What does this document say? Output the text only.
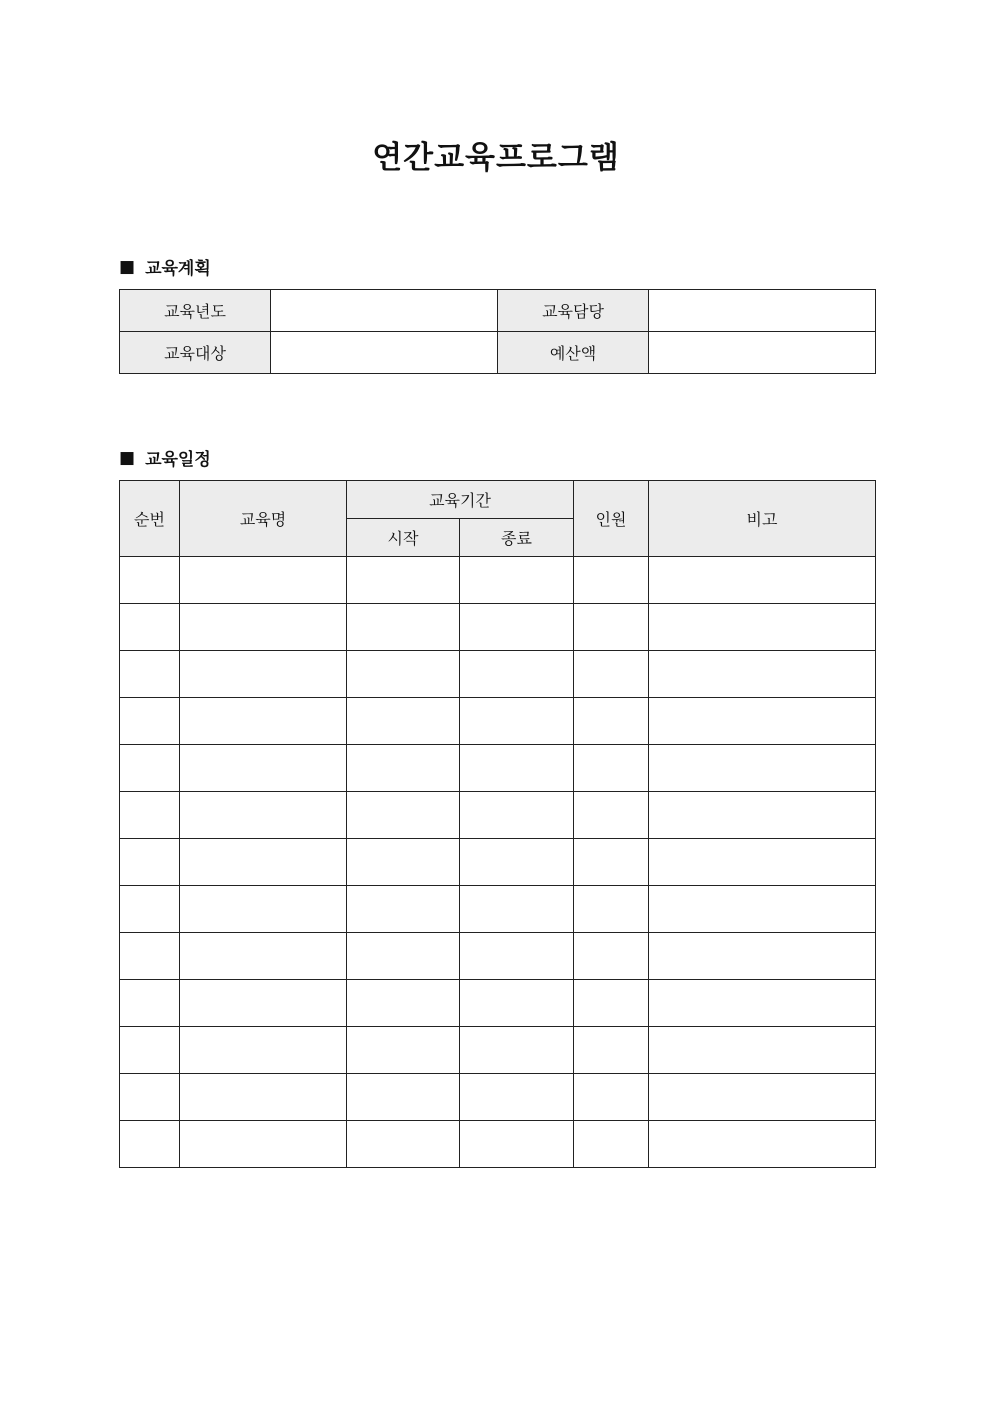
연간교육프로그램
■ 교육계획
교육년도		교육담당	
교육대상		예산액	
■ 교육일정
순번	교육명	교육기간		인원	비고
		시작	종료		
